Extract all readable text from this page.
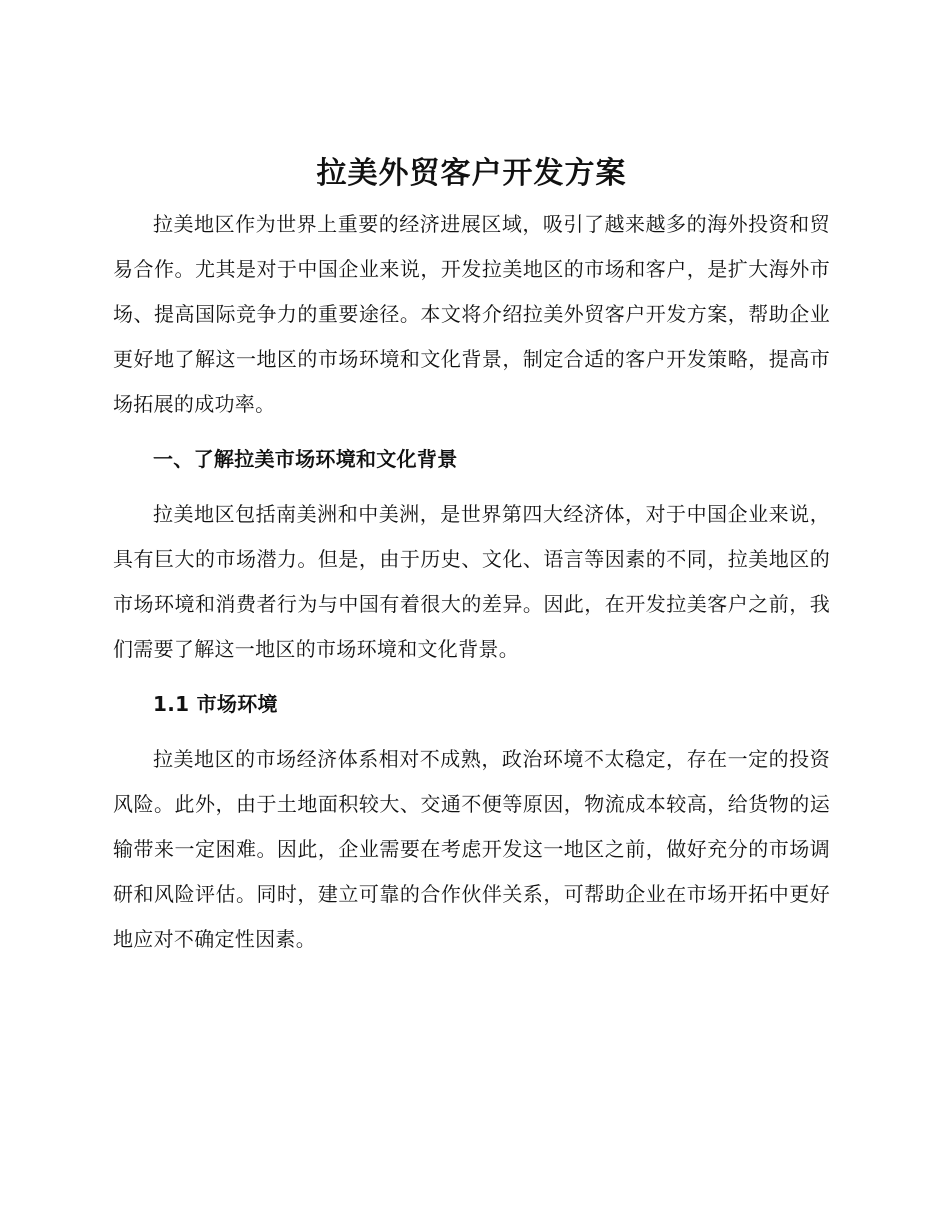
拉美外贸客户开发方案

拉美地区作为世界上重要的经济进展区域，吸引了越来越多的海外投资和贸易合作。尤其是对于中国企业来说，开发拉美地区的市场和客户，是扩大海外市场、提高国际竞争力的重要途径。本文将介绍拉美外贸客户开发方案，帮助企业更好地了解这一地区的市场环境和文化背景，制定合适的客户开发策略，提高市场拓展的成功率。

一、了解拉美市场环境和文化背景

拉美地区包括南美洲和中美洲，是世界第四大经济体，对于中国企业来说，具有巨大的市场潜力。但是，由于历史、文化、语言等因素的不同，拉美地区的市场环境和消费者行为与中国有着很大的差异。因此，在开发拉美客户之前，我们需要了解这一地区的市场环境和文化背景。

1.1 市场环境

拉美地区的市场经济体系相对不成熟，政治环境不太稳定，存在一定的投资风险。此外，由于土地面积较大、交通不便等原因，物流成本较高，给货物的运输带来一定困难。因此，企业需要在考虑开发这一地区之前，做好充分的市场调研和风险评估。同时，建立可靠的合作伙伴关系，可帮助企业在市场开拓中更好地应对不确定性因素。
